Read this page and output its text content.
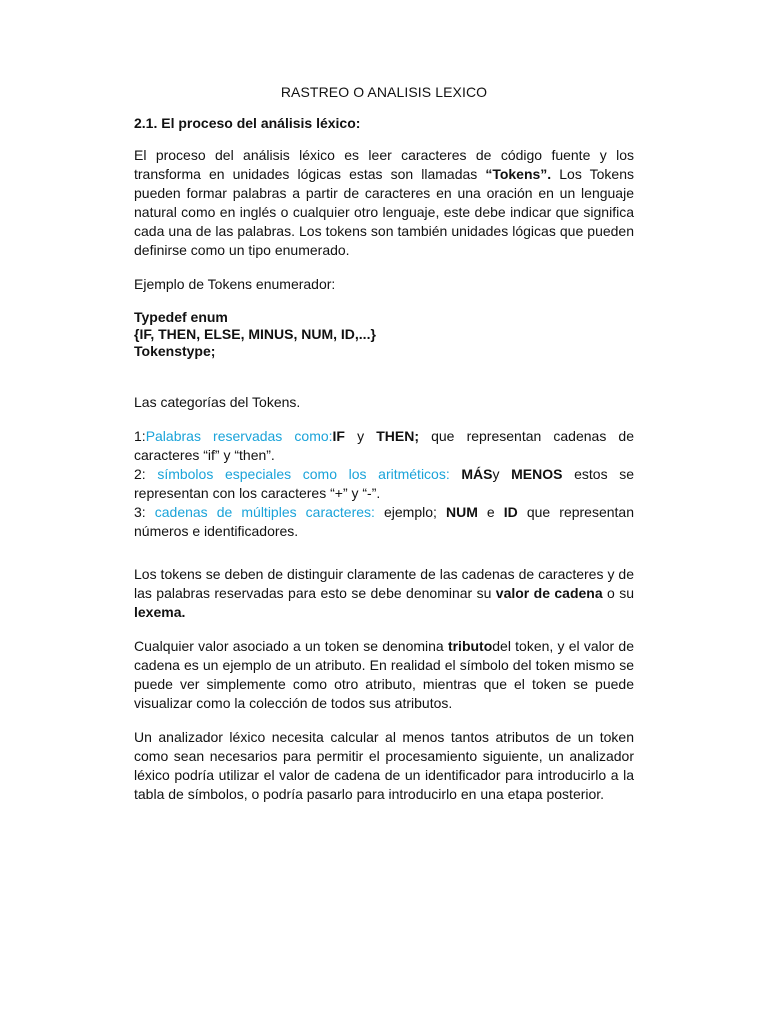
RASTREO O ANALISIS LEXICO
2.1. El proceso del análisis léxico:

El proceso del análisis léxico es leer caracteres de código fuente y los transforma en unidades lógicas estas son llamadas “Tokens”. Los Tokens pueden formar palabras a partir de caracteres en una oración en un lenguaje natural como en inglés o cualquier otro lenguaje, este debe indicar que significa cada una de las palabras. Los tokens son también unidades lógicas que pueden definirse como un tipo enumerado.

Ejemplo de Tokens enumerador:

Typedef enum
{IF, THEN, ELSE, MINUS, NUM, ID,...}
Tokenstype;

Las categorías del Tokens.

1:Palabras reservadas como:IF y THEN; que representan cadenas de caracteres “if” y “then”.

2: símbolos especiales como los aritméticos: MÁSy MENOS estos se representan con los caracteres “+” y “-”.

3: cadenas de múltiples caracteres: ejemplo; NUM e ID que representan números e identificadores.

Los tokens se deben de distinguir claramente de las cadenas de caracteres y de las palabras reservadas para esto se debe denominar su valor de cadena o su lexema.

Cualquier valor asociado a un token se denomina tributodel token, y el valor de cadena es un ejemplo de un atributo. En realidad el símbolo del token mismo se puede ver simplemente como otro atributo, mientras que el token se puede visualizar como la colección de todos sus atributos.

Un analizador léxico necesita calcular al menos tantos atributos de un token como sean necesarios para permitir el procesamiento siguiente, un analizador léxico podría utilizar el valor de cadena de un identificador para introducirlo a la tabla de símbolos, o podría pasarlo para introducirlo en una etapa posterior.
